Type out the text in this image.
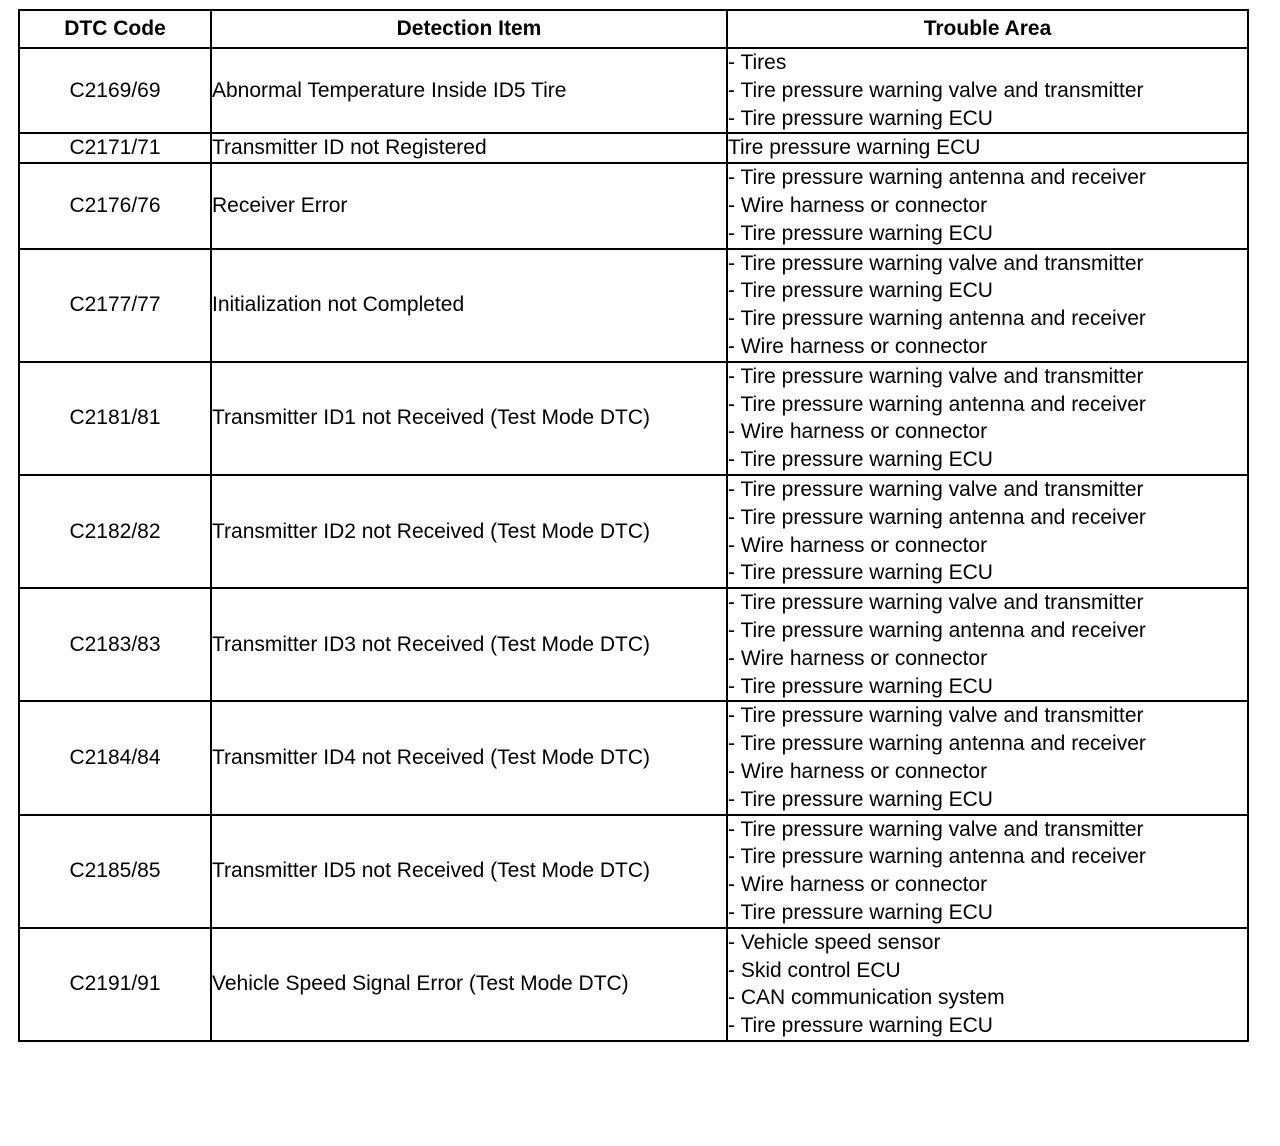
DTC Code	Detection Item	Trouble Area
C2169/69	Abnormal Temperature Inside ID5 Tire	- Tires
- Tire pressure warning valve and transmitter
- Tire pressure warning ECU

C2171/71	Transmitter ID not Registered	Tire pressure warning ECU

C2176/76	Receiver Error	- Tire pressure warning antenna and receiver
- Wire harness or connector
- Tire pressure warning ECU

C2177/77	Initialization not Completed	- Tire pressure warning valve and transmitter
- Tire pressure warning ECU
- Tire pressure warning antenna and receiver
- Wire harness or connector

C2181/81	Transmitter ID1 not Received (Test Mode DTC)	- Tire pressure warning valve and transmitter
- Tire pressure warning antenna and receiver
- Wire harness or connector
- Tire pressure warning ECU

C2182/82	Transmitter ID2 not Received (Test Mode DTC)	- Tire pressure warning valve and transmitter
- Tire pressure warning antenna and receiver
- Wire harness or connector
- Tire pressure warning ECU

C2183/83	Transmitter ID3 not Received (Test Mode DTC)	- Tire pressure warning valve and transmitter
- Tire pressure warning antenna and receiver
- Wire harness or connector
- Tire pressure warning ECU

C2184/84	Transmitter ID4 not Received (Test Mode DTC)	- Tire pressure warning valve and transmitter
- Tire pressure warning antenna and receiver
- Wire harness or connector
- Tire pressure warning ECU

C2185/85	Transmitter ID5 not Received (Test Mode DTC)	- Tire pressure warning valve and transmitter
- Tire pressure warning antenna and receiver
- Wire harness or connector
- Tire pressure warning ECU

C2191/91	Vehicle Speed Signal Error (Test Mode DTC)	- Vehicle speed sensor
- Skid control ECU
- CAN communication system
- Tire pressure warning ECU
